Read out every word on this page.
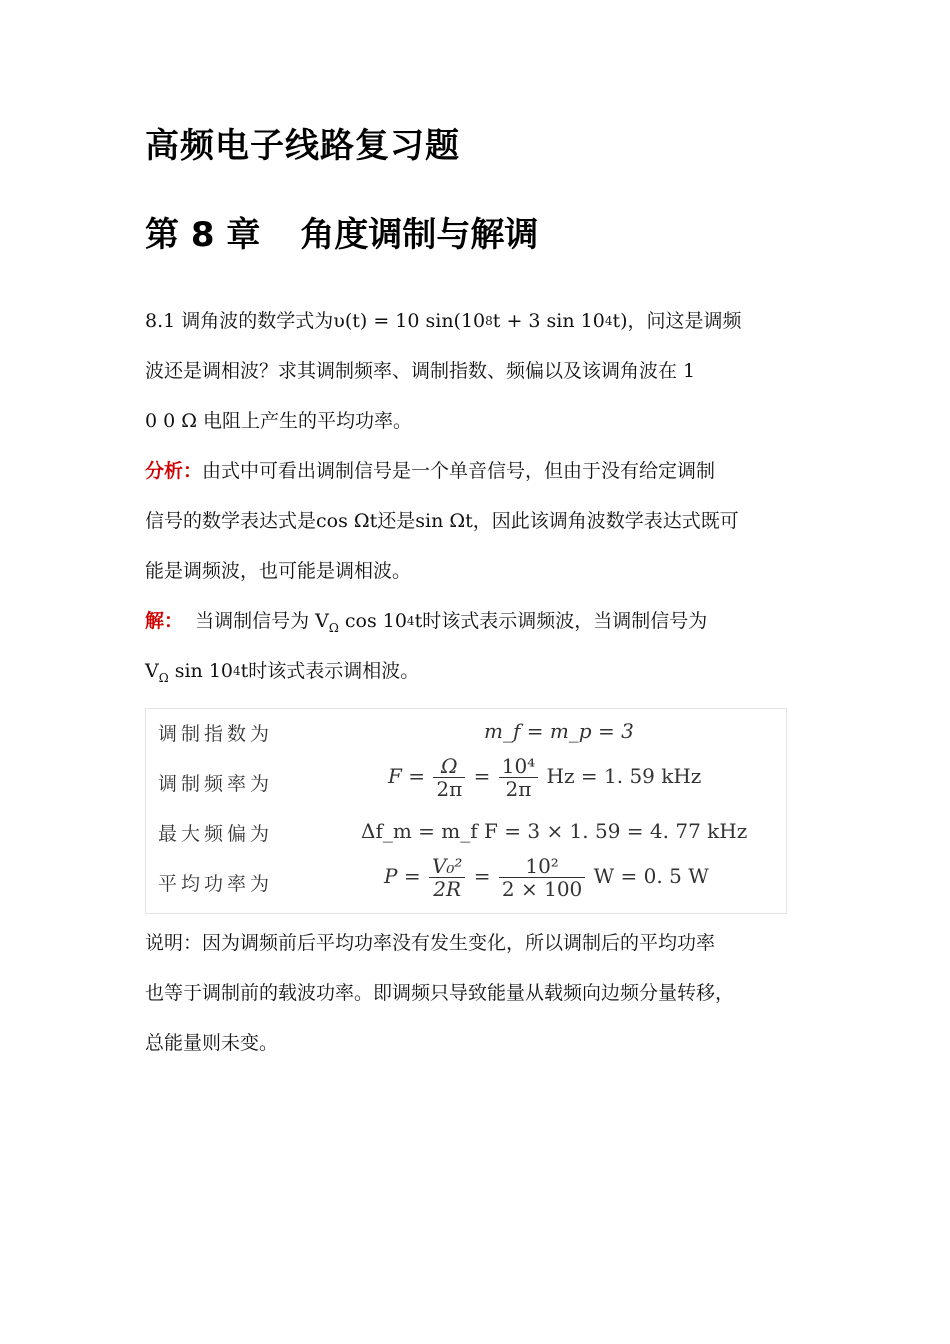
高频电子线路复习题
第 8 章 角度调制与解调
8.1 调角波的数学式为υ(t) = 10 sin(108t + 3 sin 104t)，问这是调频
波还是调相波？求其调制频率、调制指数、频偏以及该调角波在 1
0 0 Ω 电阻上产生的平均功率。
分析：由式中可看出调制信号是一个单音信号，但由于没有给定调制
信号的数学表达式是cos Ωt还是sin Ωt，因此该调角波数学表达式既可
能是调频波，也可能是调相波。
解： 当调制信号为 $V_\Omega$ cos 104t时该式表示调频波，当调制信号为
$V_\Omega$ sin 104t时该式表示调相波。
调制指数为	m_f = m_p = 3
调制频率为	$F = \frac{\Omega}{2\pi} = \frac{\text{10⁴}}{2\pi}$ Hz = 1. 59 kHz
最大频偏为	Δf_m = m_f F = 3 × 1. 59 = 4. 77 kHz
平均功率为	$P = \frac{\text{V₀²}}{2R} = \frac{\text{10²}}{2 \times 100}$ W = 0. 5 W
说明：因为调频前后平均功率没有发生变化，所以调制后的平均功率
也等于调制前的载波功率。即调频只导致能量从载频向边频分量转移，
总能量则未变。
